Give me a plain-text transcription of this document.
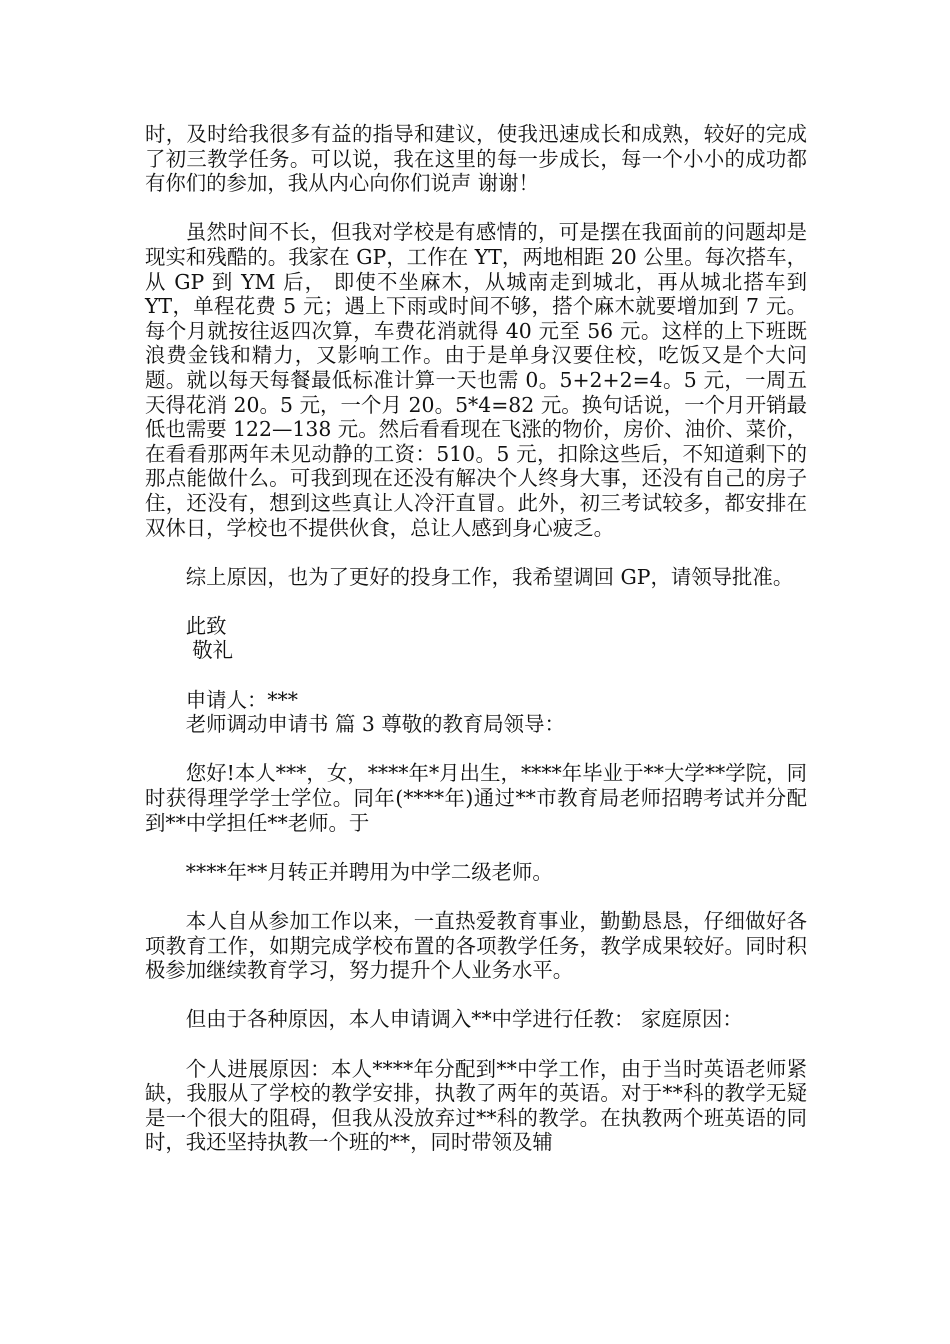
时，及时给我很多有益的指导和建议，使我迅速成长和成熟，较好的完成了初三教学任务。可以说，我在这里的每一步成长，每一个小小的成功都有你们的参加，我从内心向你们说声 谢谢！

虽然时间不长，但我对学校是有感情的，可是摆在我面前的问题却是现实和残酷的。我家在 GP，工作在 YT，两地相距 20 公里。每次搭车，从 GP 到 YM 后， 即使不坐麻木，从城南走到城北，再从城北搭车到 YT，单程花费 5 元；遇上下雨或时间不够，搭个麻木就要增加到 7 元。每个月就按往返四次算，车费花消就得 40 元至 56 元。这样的上下班既浪费金钱和精力，又影响工作。由于是单身汉要住校，吃饭又是个大问题。就以每天每餐最低标准计算一天也需 0。5+2+2=4。5 元，一周五天得花消 20。5 元，一个月 20。5*4=82 元。换句话说，一个月开销最低也需要 122—138 元。然后看看现在飞涨的物价，房价、油价、菜价，在看看那两年未见动静的工资：510。5 元，扣除这些后，不知道剩下的那点能做什么。可我到现在还没有解决个人终身大事，还没有自己的房子住，还没有，想到这些真让人冷汗直冒。此外，初三考试较多，都安排在双休日，学校也不提供伙食，总让人感到身心疲乏。

综上原因，也为了更好的投身工作，我希望调回 GP，请领导批准。

此致
敬礼
申请人：***
老师调动申请书 篇 3 尊敬的教育局领导：

您好!本人***，女，****年*月出生，****年毕业于**大学**学院，同时获得理学学士学位。同年(****年)通过**市教育局老师招聘考试并分配到**中学担任**老师。于

****年**月转正并聘用为中学二级老师。

本人自从参加工作以来，一直热爱教育事业，勤勤恳恳，仔细做好各项教育工作，如期完成学校布置的各项教学任务，教学成果较好。同时积极参加继续教育学习，努力提升个人业务水平。

但由于各种原因，本人申请调入**中学进行任教： 家庭原因：

个人进展原因：本人****年分配到**中学工作，由于当时英语老师紧缺，我服从了学校的教学安排，执教了两年的英语。对于**科的教学无疑是一个很大的阻碍，但我从没放弃过**科的教学。在执教两个班英语的同时，我还坚持执教一个班的**，同时带领及辅
